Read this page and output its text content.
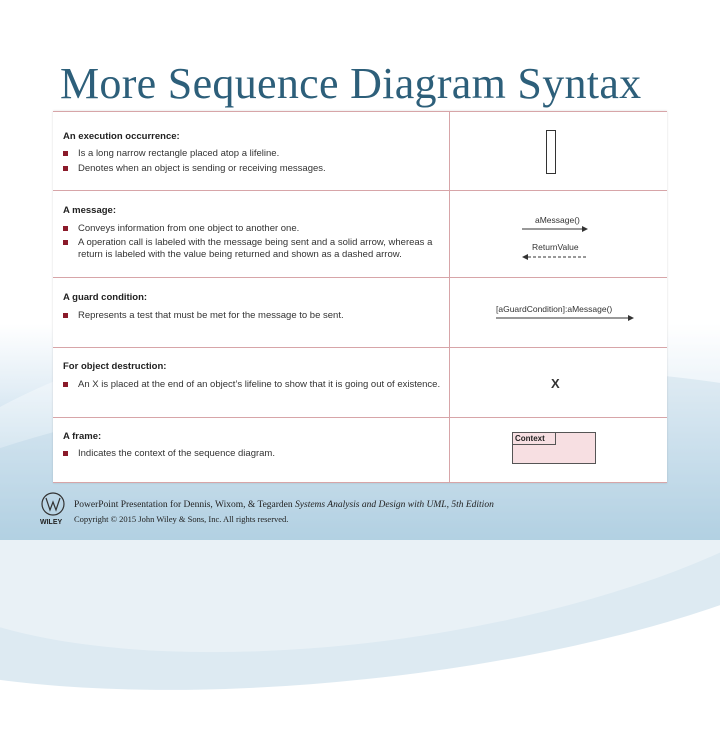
More Sequence Diagram Syntax
An execution occurrence:
Is a long narrow rectangle placed atop a lifeline.
Denotes when an object is sending or receiving messages.
A message:
Conveys information from one object to another one.
A operation call is labeled with the message being sent and a solid arrow, whereas a return is labeled with the value being returned and shown as a dashed arrow.
aMessage()
ReturnValue
A guard condition:
Represents a test that must be met for the message to be sent.
[aGuardCondition]:aMessage()
For object destruction:
An X is placed at the end of an object’s lifeline to show that it is going out of existence.	X
A frame:
Indicates the context of the sequence diagram.
Context
WILEY
PowerPoint Presentation for Dennis, Wixom, & Tegarden Systems Analysis and Design with UML, 5th Edition
Copyright © 2015 John Wiley & Sons, Inc. All rights reserved.
